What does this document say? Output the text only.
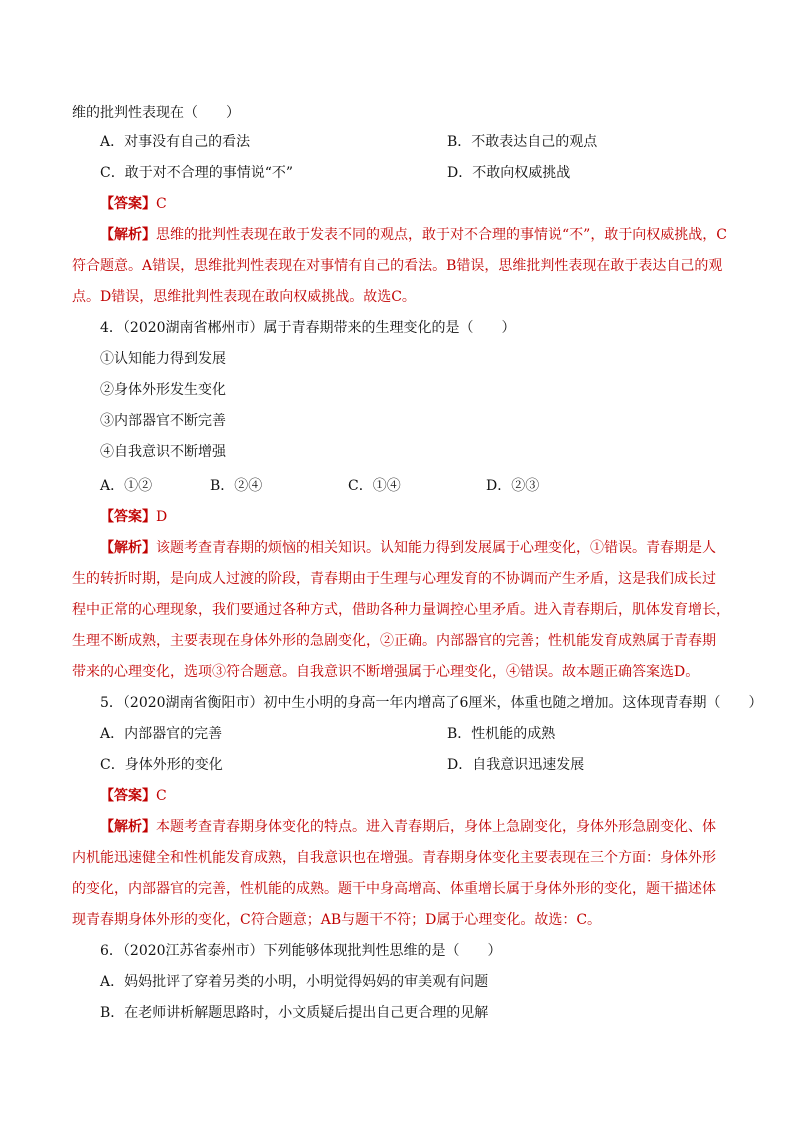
维的批判性表现在（　　）
A．对事没有自己的看法	B．不敢表达自己的观点
C．敢于对不合理的事情说“不”	D．不敢向权威挑战
【答案】C
【解析】思维的批判性表现在敢于发表不同的观点，敢于对不合理的事情说“不”，敢于向权威挑战，C
符合题意。A错误，思维批判性表现在对事情有自己的看法。B错误，思维批判性表现在敢于表达自己的观
点。D错误，思维批判性表现在敢向权威挑战。故选C。
4．（2020湖南省郴州市）属于青春期带来的生理变化的是（　　）
①认知能力得到发展
②身体外形发生变化
③内部器官不断完善
④自我意识不断增强
A．①②	B．②④	C．①④	D．②③
【答案】D
【解析】该题考查青春期的烦恼的相关知识。认知能力得到发展属于心理变化，①错误。青春期是人
生的转折时期，是向成人过渡的阶段，青春期由于生理与心理发育的不协调而产生矛盾，这是我们成长过
程中正常的心理现象，我们要通过各种方式，借助各种力量调控心里矛盾。进入青春期后，肌体发育增长，
生理不断成熟，主要表现在身体外形的急剧变化，②正确。内部器官的完善；性机能发育成熟属于青春期
带来的心理变化，选项③符合题意。自我意识不断增强属于心理变化，④错误。故本题正确答案选D。
5．（2020湖南省衡阳市）初中生小明的身高一年内增高了6厘米，体重也随之增加。这体现青春期（　　）
A．内部器官的完善	B．性机能的成熟
C．身体外形的变化	D．自我意识迅速发展
【答案】C
【解析】本题考查青春期身体变化的特点。进入青春期后，身体上急剧变化，身体外形急剧变化、体
内机能迅速健全和性机能发育成熟，自我意识也在增强。青春期身体变化主要表现在三个方面：身体外形
的变化，内部器官的完善，性机能的成熟。题干中身高增高、体重增长属于身体外形的变化，题干描述体
现青春期身体外形的变化，C符合题意；AB与题干不符；D属于心理变化。故选：C。
6．（2020江苏省泰州市）下列能够体现批判性思维的是（　　）
A．妈妈批评了穿着另类的小明，小明觉得妈妈的审美观有问题
B．在老师讲析解题思路时，小文质疑后提出自己更合理的见解
